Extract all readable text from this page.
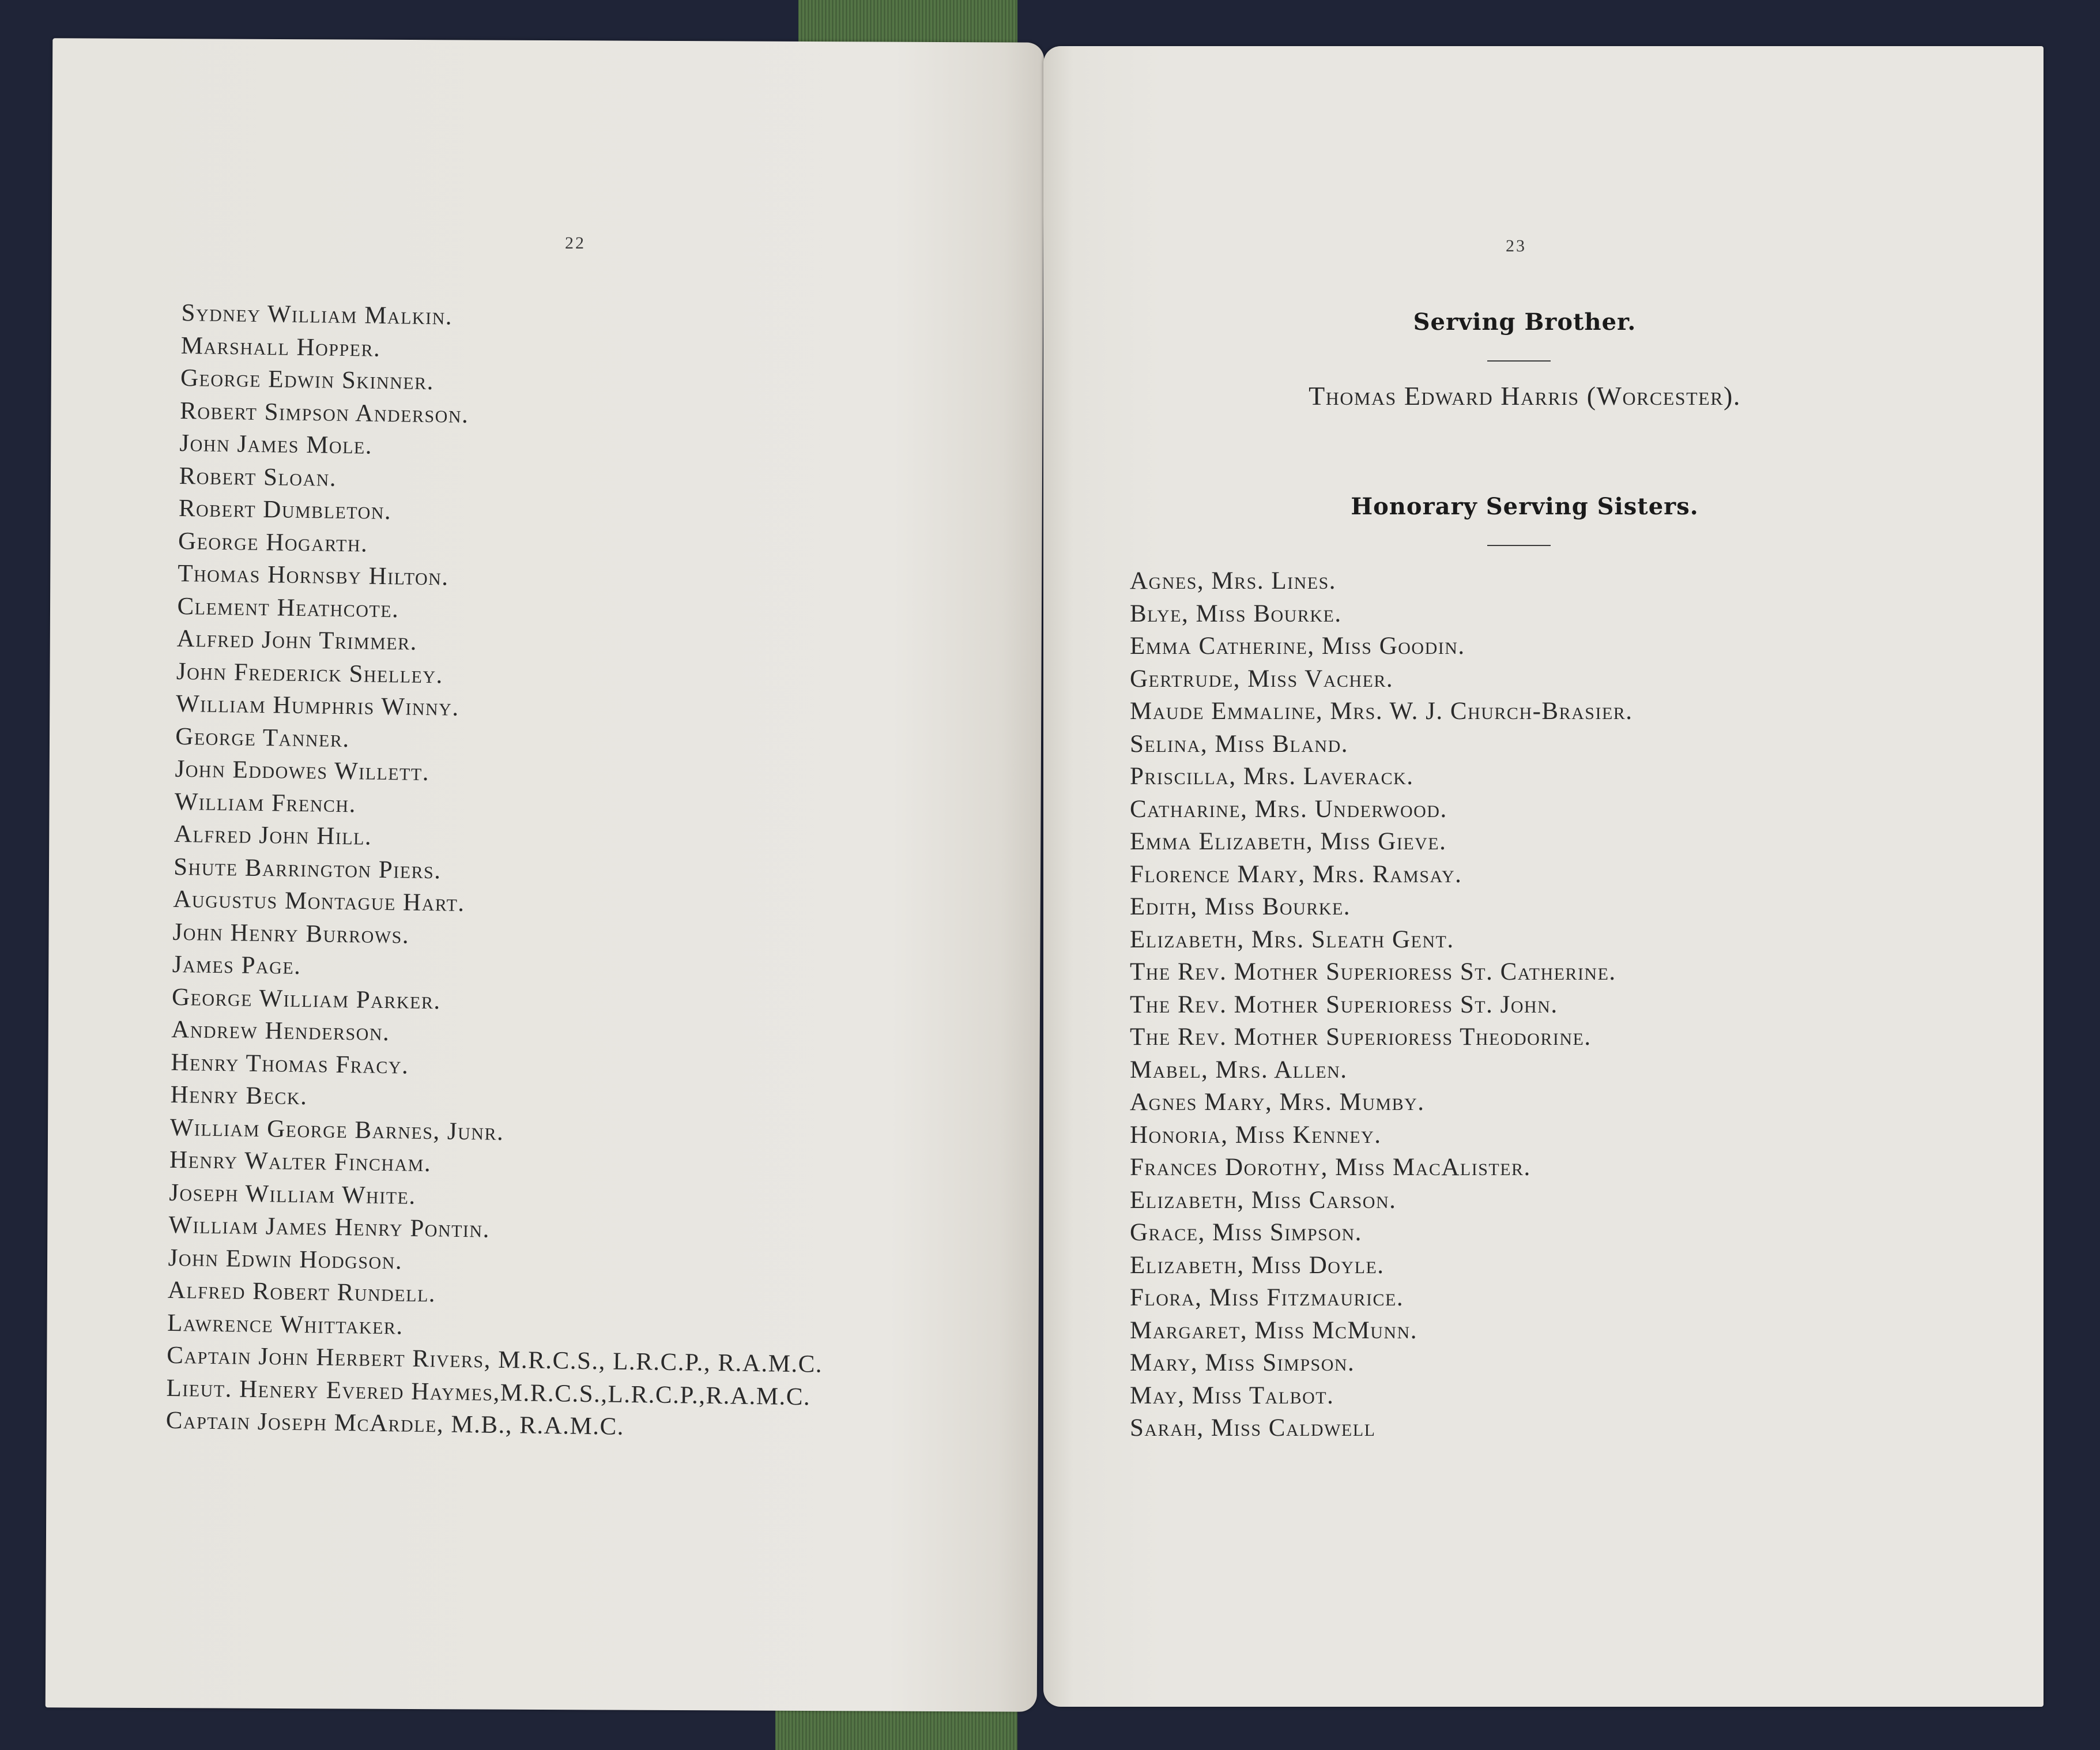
22
Sydney William Malkin.
Marshall Hopper.
George Edwin Skinner.
Robert Simpson Anderson.
John James Mole.
Robert Sloan.
Robert Dumbleton.
George Hogarth.
Thomas Hornsby Hilton.
Clement Heathcote.
Alfred John Trimmer.
John Frederick Shelley.
William Humphris Winny.
George Tanner.
John Eddowes Willett.
William French.
Alfred John Hill.
Shute Barrington Piers.
Augustus Montague Hart.
John Henry Burrows.
James Page.
George William Parker.
Andrew Henderson.
Henry Thomas Fracy.
Henry Beck.
William George Barnes, Junr.
Henry Walter Fincham.
Joseph William White.
William James Henry Pontin.
John Edwin Hodgson.
Alfred Robert Rundell.
Lawrence Whittaker.
Captain John Herbert Rivers, M.R.C.S., L.R.C.P., R.A.M.C.
Lieut. Henery Evered Haymes,M.R.C.S.,L.R.C.P.,R.A.M.C.
Captain Joseph McArdle, M.B., R.A.M.C.
23
Serving Brother.
Thomas Edward Harris (Worcester).
Honorary Serving Sisters.
Agnes, Mrs. Lines.
Blye, Miss Bourke.
Emma Catherine, Miss Goodin.
Gertrude, Miss Vacher.
Maude Emmaline, Mrs. W. J. Church-Brasier.
Selina, Miss Bland.
Priscilla, Mrs. Laverack.
Catharine, Mrs. Underwood.
Emma Elizabeth, Miss Gieve.
Florence Mary, Mrs. Ramsay.
Edith, Miss Bourke.
Elizabeth, Mrs. Sleath Gent.
The Rev. Mother Superioress St. Catherine.
The Rev. Mother Superioress St. John.
The Rev. Mother Superioress Theodorine.
Mabel, Mrs. Allen.
Agnes Mary, Mrs. Mumby.
Honoria, Miss Kenney.
Frances Dorothy, Miss MacAlister.
Elizabeth, Miss Carson.
Grace, Miss Simpson.
Elizabeth, Miss Doyle.
Flora, Miss Fitzmaurice.
Margaret, Miss McMunn.
Mary, Miss Simpson.
May, Miss Talbot.
Sarah, Miss Caldwell
